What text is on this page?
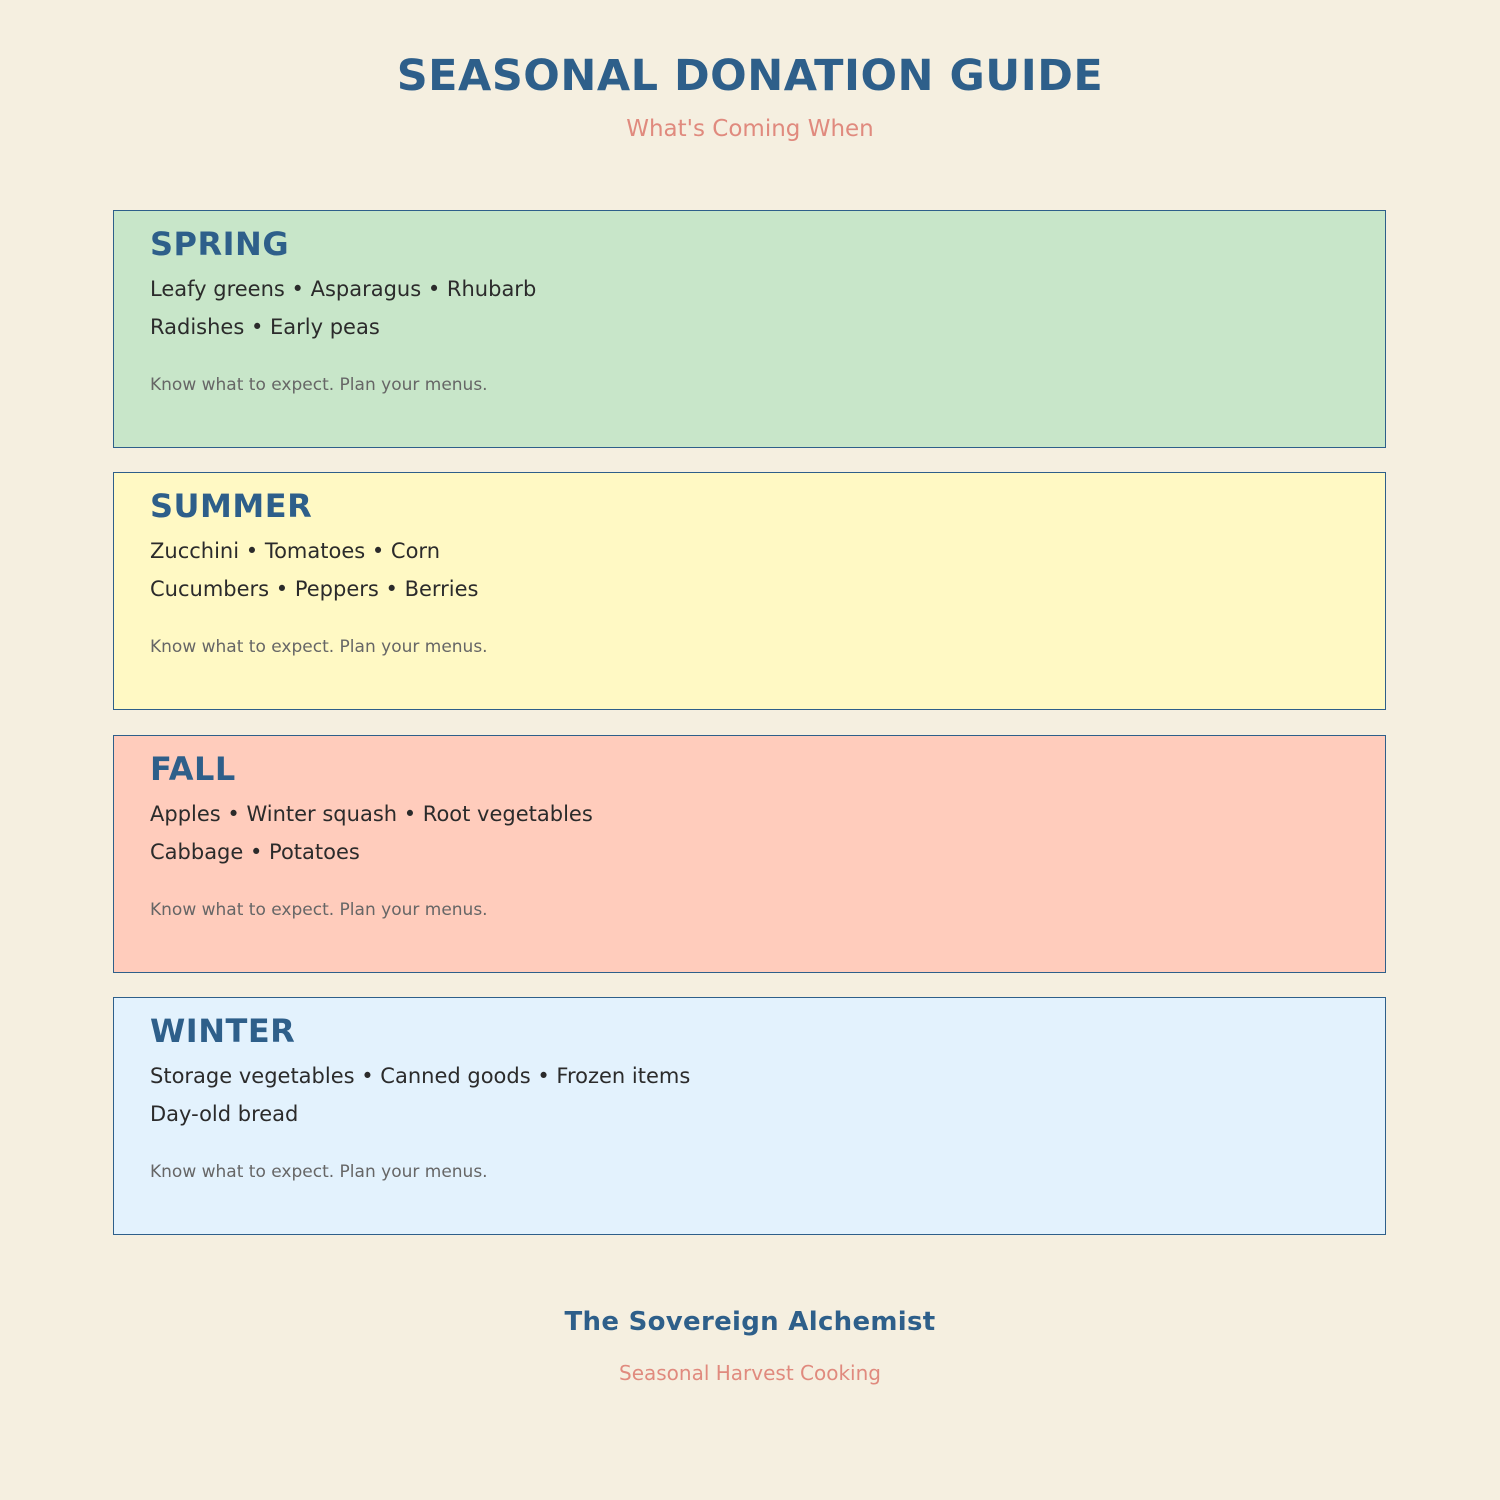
SEASONAL DONATION GUIDE
What's Coming When
SPRING
Leafy greens • Asparagus • Rhubarb
Radishes • Early peas
Know what to expect. Plan your menus.
SUMMER
Zucchini • Tomatoes • Corn
Cucumbers • Peppers • Berries
Know what to expect. Plan your menus.
FALL
Apples • Winter squash • Root vegetables
Cabbage • Potatoes
Know what to expect. Plan your menus.
WINTER
Storage vegetables • Canned goods • Frozen items
Day-old bread
Know what to expect. Plan your menus.
The Sovereign Alchemist
Seasonal Harvest Cooking
